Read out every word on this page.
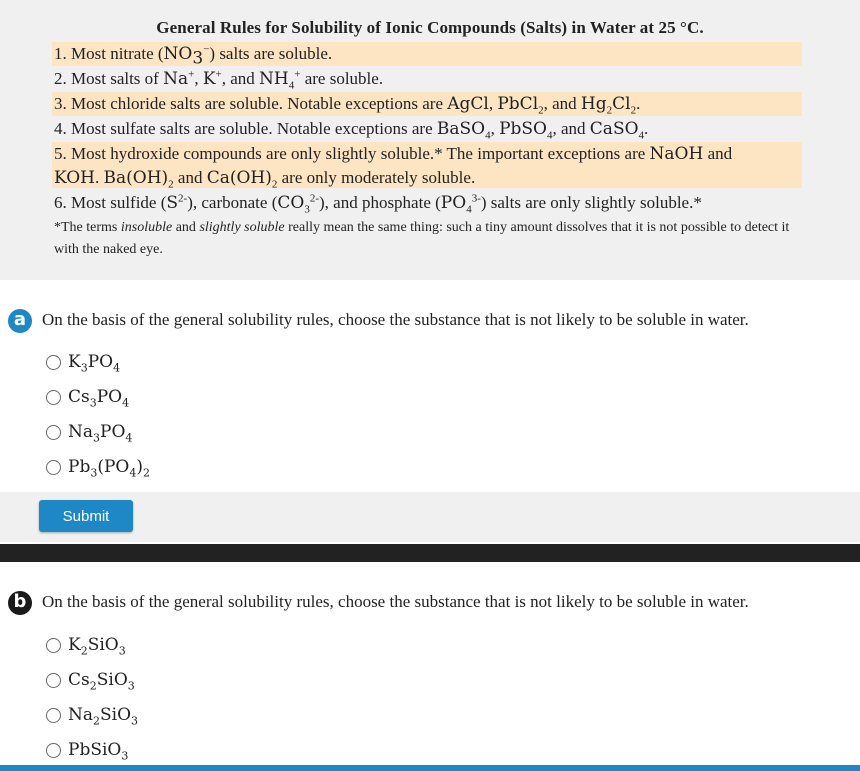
General Rules for Solubility of Ionic Compounds (Salts) in Water at 25 °C.
1. Most nitrate $(NO_3^-)$ salts are soluble.
2. Most salts of Na+, K+, and $NH_4^+$ are soluble.
3. Most chloride salts are soluble. Notable exceptions are AgCl, PbCl$_2$, and $Hg_2Cl_2$.
4. Most sulfate salts are soluble. Notable exceptions are BaSO$_4$, PbSO$_4$, and CaSO$_4$.
5. Most hydroxide compounds are only slightly soluble.* The important exceptions are NaOH and
KOH. $Ba(OH)_2$ and $Ca(OH)_2$ are only moderately soluble.
6. Most sulfide $(S^{2-})$, carbonate $(CO_3^{2-})$, and phosphate $(PO_4^{3-})$ salts are only slightly soluble.*
*The terms insoluble and slightly soluble really mean the same thing: such a tiny amount dissolves that it is not possible to detect it with the naked eye.
a On the basis of the general solubility rules, choose the substance that is not likely to be soluble in water.
$K_3PO_4$
$Cs_3PO_4$
$Na_3PO_4$
$Pb_3(PO_4)_2$
Submit
b On the basis of the general solubility rules, choose the substance that is not likely to be soluble in water.
$K_2SiO_3$
$Cs_2SiO_3$
$Na_2SiO_3$
PbSiO$_3$
